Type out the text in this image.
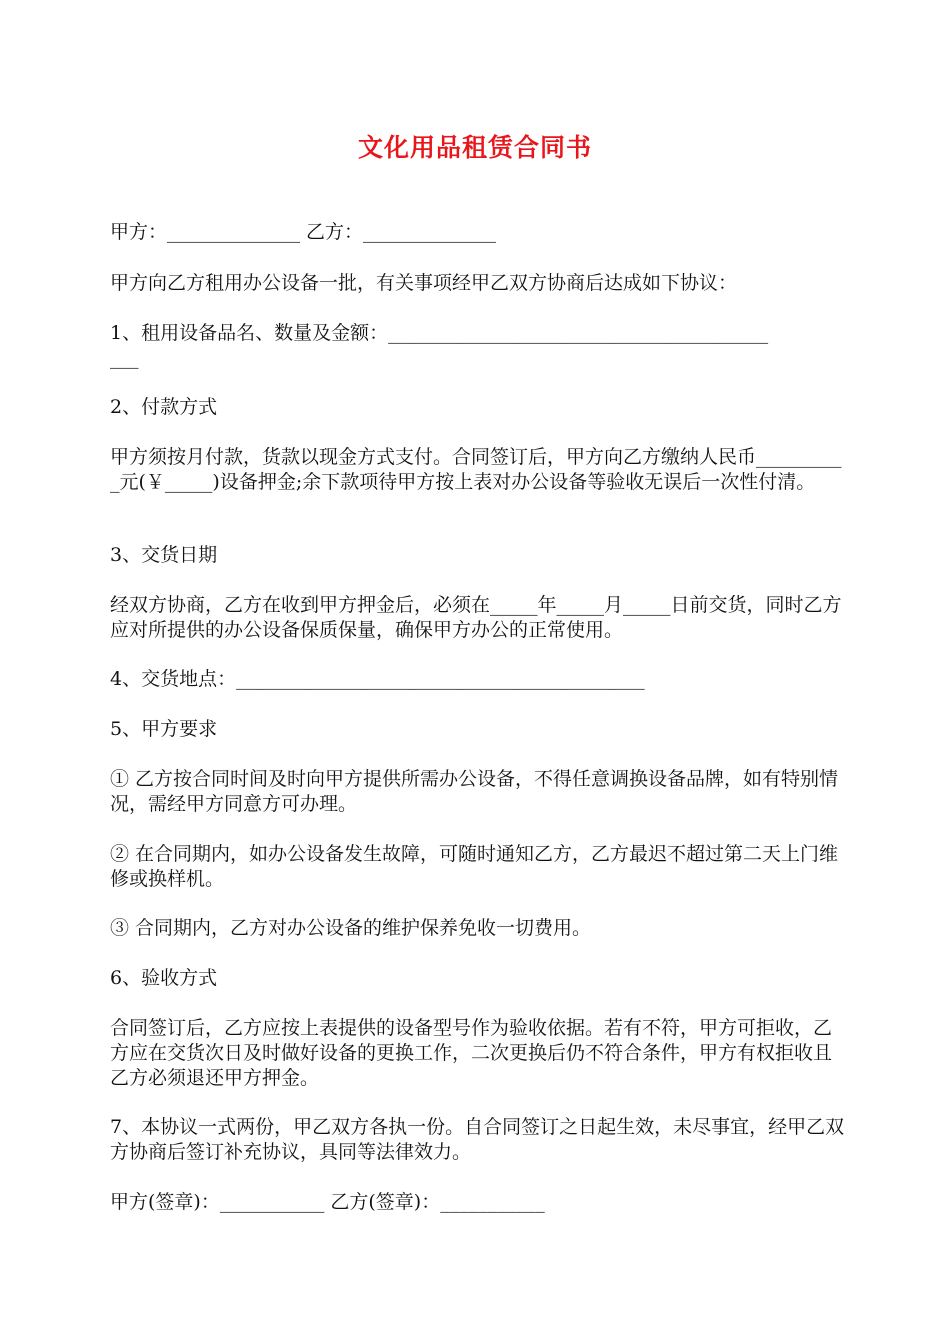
文化用品租赁合同书

甲方：______________ 乙方：______________

甲方向乙方租用办公设备一批，有关事项经甲乙双方协商后达成如下协议：

1、租用设备品名、数量及金额：________________________________________
___

2、付款方式

甲方须按月付款，货款以现金方式支付。合同签订后，甲方向乙方缴纳人民币__________元(￥_____)设备押金;余下款项待甲方按上表对办公设备等验收无误后一次性付清。

3、交货日期

经双方协商，乙方在收到甲方押金后，必须在_____年_____月_____日前交货，同时乙方应对所提供的办公设备保质保量，确保甲方办公的正常使用。

4、交货地点：___________________________________________

5、甲方要求

① 乙方按合同时间及时向甲方提供所需办公设备，不得任意调换设备品牌，如有特别情况，需经甲方同意方可办理。

② 在合同期内，如办公设备发生故障，可随时通知乙方，乙方最迟不超过第二天上门维修或换样机。

③ 合同期内，乙方对办公设备的维护保养免收一切费用。

6、验收方式

合同签订后，乙方应按上表提供的设备型号作为验收依据。若有不符，甲方可拒收，乙方应在交货次日及时做好设备的更换工作，二次更换后仍不符合条件，甲方有权拒收且乙方必须退还甲方押金。

7、本协议一式两份，甲乙双方各执一份。自合同签订之日起生效，未尽事宜，经甲乙双方协商后签订补充协议，具同等法律效力。

甲方(签章)：___________ 乙方(签章)：___________
